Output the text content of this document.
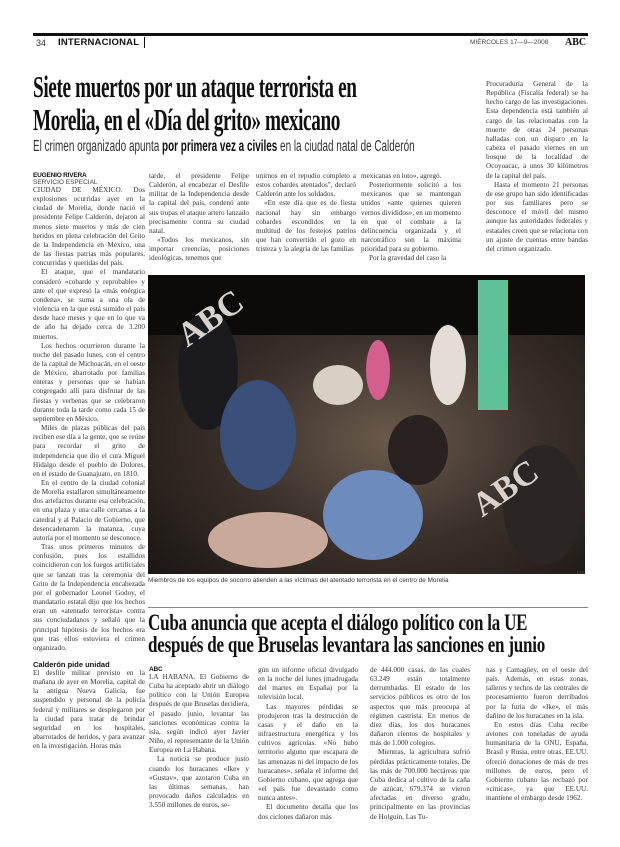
34 INTERNACIONAL	MIÉRCOLES 17—9—2008 ABC
Siete muertos por un ataque terrorista en
Morelia, en el «Día del grito» mexicano
El crimen organizado apunta por primera vez a civiles en la ciudad natal de Calderón

EUGENIO RIVERA

SERVICIO ESPECIAL

CIUDAD DE MÉXICO. Dos explosiones ocurridas ayer en la ciudad de Morelia, donde nació el presidente Felipe Calderón, dejaron al menos siete muertos y más de cien heridos en plena celebración del Grito de la Independencia en México, una de las fiestas patrias más populares, concurridas y queridas del país.

El ataque, que el mandatario consideró «cobarde y reprobable» y ante el que expresó la «más enérgica condena», se suma a una ola de violencia en la que está sumido el país desde hace meses y que en lo que va de año ha dejado cerca de 3.200 muertos.

Los hechos ocurrieron durante la noche del pasado lunes, con el centro de la capital de Michoacán, en el oeste de México, abarrotado por familias enteras y personas que se habían congregado allí para disfrutar de las fiestas y verbenas que se celebraron durante toda la tarde como cada 15 de septiembre en México.

Miles de plazas públicas del país reciben ese día a la gente, que se reúne para recordar el grito de independencia que dio el cura Miguel Hidalgo desde el pueblo de Dolores, en el estado de Guanajuato, en 1810.

En el centro de la ciudad colonial de Morelia estallaron simultáneamente dos artefactos durante esa celebración, en una plaza y una calle cercanas a la catedral y al Palacio de Gobierno, que desencadenaron la matanza, cuya autoría por el momento se desconoce.

Tras unos primeros minutos de confusión, pues los estallidos coincidieron con los fuegos artificiales que se lanzan tras la ceremonia del Grito de la Independencia encabezada por el gobernador Leonel Godoy, el mandatario estatal dijo que los hechos eran un «atentado terrorista» contra sus conciudadanos y señaló que la principal hipótesis de los hechos era que tras ellos estuviera el crimen organizado.

Calderón pide unidad

El desfile militar previsto en la mañana de ayer en Morelia, capital de la antigua Nueva Galicia, fue suspendido y personal de la policía federal y militares se desplegaron por la ciudad para tratar de brindar seguridad en los hospitales, abarrotados de heridos, y para avanzar en la investigación. Horas más

tarde, el presidente Felipe Calderón, al encabezar el Desfile militar de la Independencia desde la capital del país, condenó ante sus tropas el ataque artero lanzado precisamente contra su ciudad natal.

«Todos los mexicanos, sin importar creencias, posiciones ideológicas, tenemos que

unirnos en el repudio completo a estos cobardes atentados", declaró Calderón ante los soldados.

«En este día que es de fiesta nacional hay sin embargo cobardes escondidos en la multitud de los festejos patrios que han convertido el gozo en tristeza y la alegría de las familias

mexicanas en luto», agregó.

Posteriormente solicitó a los mexicanos que se mantengan unidos «ante quienes quieren vernos divididos», en un momento en que el combate a la delincuencia organizada y el narcotráfico son la máxima prioridad para su gobierno.

Por la gravedad del caso la

Procuraduría General de la República (Fiscalía federal) se ha hecho cargo de las investigaciones. Esta dependencia está también al cargo de las relacionadas con la muerte de otras 24 personas halladas con un disparo en la cabeza el pasado viernes en un bosque de la localidad de Ocoyoacac, a unos 30 kilómetros de la capital del país.

Hasta el momento 21 personas de ese grupo han sido identificadas por sus familiares pero se desconoce el móvil del mismo aunque las autoridades federales y estatales creen que se relaciona con un ajuste de cuentas entre bandas del crimen organizado.

Miembros de los equipos de socorro atienden a las víctimas del atentado terrorista en el centro de Morelia
EFE
ABC
ABC
Cuba anuncia que acepta el diálogo político con la UE
después de que Bruselas levantara las sanciones en junio

ABC

LA HABANA. El Gobierno de Cuba ha aceptado abrir un diálogo político con la Unión Europea después de que Bruselas decidiera, el pasado junio, levantar las sanciones económicas contra la isla, según indicó ayer Javier Niño, el representante de la Unión Europea en La Habana.

La noticia se produce justo cuando los huracanes «Ike» y «Gustav», que azotaron Cuba en las últimas semanas, han provocado daños calculados en 3.550 millones de euros, se-

gún un informe oficial divulgado en la noche del lunes (madrugada del martes en España) por la televisión local.

Las mayores pérdidas se produjeron tras la destrucción de casas y el daño en la infraestructura energética y los cultivos agrícolas. «No hubo territorio alguno que escapara de las amenazas ni del impacto de los huracanes», señala el informe del Gobierno cubano, que agrega que «el país fue devastado como nunca antes».

El documento detalla que los dos ciclones dañaron más

de 444.000 casas, de las cuales 63.249 están totalmente derrumbadas. El estado de los servicios públicos es otro de los aspectos que más preocupa al régimen castrista. En menos de diez días, los dos huracanes dañaron cientos de hospitales y más de 1.000 colegios.

Mientras, la agricultura sufrió pérdidas prácticamente totales. De las más de 700.000 hectáreas que Cuba dedica al cultivo de la caña de azúcar, 679.374 se vieron afectadas en diverso grado, principalmente en las provincias de Holguín, Las Tu-

nas y Camagüey, en el oeste del país. Además, en estas zonas, talleres y techos de las centrales de procesamiento fueron derribados por la furia de «Ike», el más dañino de los huracanes en la isla.

En estos días Cuba recibe aviones con toneladas de ayuda humanitaria de la ONU, España, Brasil y Rusia, entre otras. EE.UU. ofreció donaciones de más de tres millones de euros, pero el Gobierno cubano las rechazó por «cínicas», ya que EE.UU. mantiene el embargo desde 1962.
